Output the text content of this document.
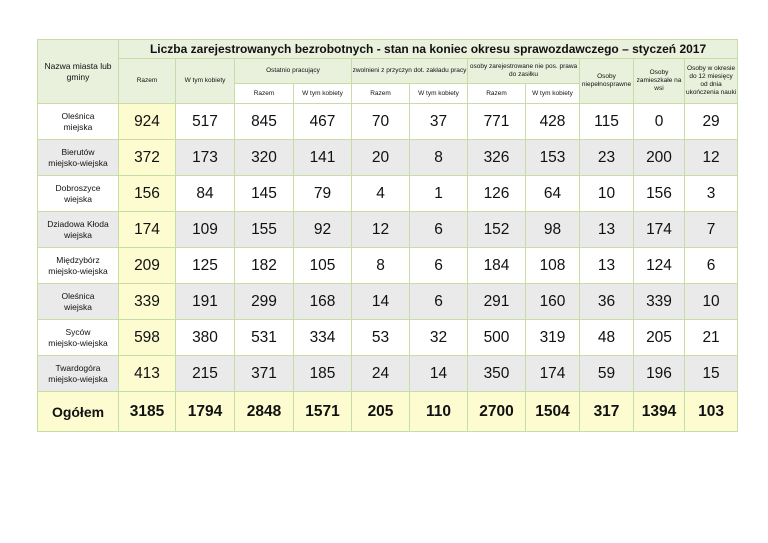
Nazwa miasta lub gminy	Liczba zarejestrowanych bezrobotnych - stan na koniec okresu sprawozdawczego – styczeń 2017										
	Razem	W tym kobiety	Ostatnio pracujący		zwolnieni z przyczyn dot. zakładu pracy		osoby zarejestrowane nie pos. prawa do zasiłku		Osoby niepełnosprawne	Osoby zamieszkałe na wsi	Osoby w okresie do 12 miesięcy od dnia ukończenia nauki
			Razem	W tym kobiety	Razem	W tym kobiety	Razem	W tym kobiety			

Oleśnica
miejska	924	517	845	467	70	37	771	428	115	0	29

Bierutów
miejsko-wiejska	372	173	320	141	20	8	326	153	23	200	12

Dobroszyce
wiejska	156	84	145	79	4	1	126	64	10	156	3

Dziadowa Kłoda
wiejska	174	109	155	92	12	6	152	98	13	174	7

Międzybórz
miejsko-wiejska	209	125	182	105	8	6	184	108	13	124	6

Oleśnica
wiejska	339	191	299	168	14	6	291	160	36	339	10

Syców
miejsko-wiejska	598	380	531	334	53	32	500	319	48	205	21

Twardogóra
miejsko-wiejska	413	215	371	185	24	14	350	174	59	196	15
Ogółem	3185	1794	2848	1571	205	110	2700	1504	317	1394	103
